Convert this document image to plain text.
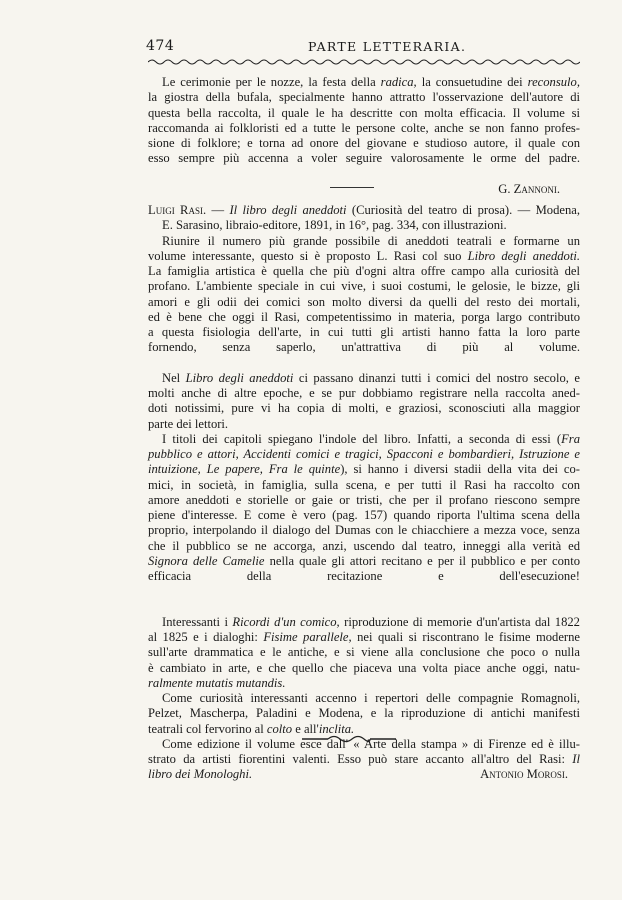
474	PARTE LETTERARIA.
Le cerimonie per le nozze, la festa della radica, la consuetudine dei reconsulo,
la giostra della bufala, specialmente hanno attratto l'osservazione dell'autore di
questa bella raccolta, il quale le ha descritte con molta efficacia. Il volume si
raccomanda ai folkloristi ed a tutte le persone colte, anche se non fanno profes-
sione di folklore; e torna ad onore del giovane e studioso autore, il quale con
esso sempre più accenna a voler seguire valorosamente le orme del padre.
G. Zannoni.
Luigi Rasi. — Il libro degli aneddoti (Curiosità del teatro di prosa). — Modena,
E. Sarasino, libraio-editore, 1891, in 16°, pag. 334, con illustrazioni.
Riunire il numero più grande possibile di aneddoti teatrali e formarne un
volume interessante, questo si è proposto L. Rasi col suo Libro degli aneddoti.
La famiglia artistica è quella che più d'ogni altra offre campo alla curiosità del
profano. L'ambiente speciale in cui vive, i suoi costumi, le gelosie, le bizze, gli
amori e gli odii dei comici son molto diversi da quelli del resto dei mortali,
ed è bene che oggi il Rasi, competentissimo in materia, porga largo contributo
a questa fisiologia dell'arte, in cui tutti gli artisti hanno fatta la loro parte
fornendo, senza saperlo, un'attrattiva di più al volume.
Nel Libro degli aneddoti ci passano dinanzi tutti i comici del nostro secolo, e
molti anche di altre epoche, e se pur dobbiamo registrare nella raccolta aned-
doti notissimi, pure vi ha copia di molti, e graziosi, sconosciuti alla maggior
parte dei lettori.
I titoli dei capitoli spiegano l'indole del libro. Infatti, a seconda di essi (Fra
pubblico e attori, Accidenti comici e tragici, Spacconi e bombardieri, Istruzione e
intuizione, Le papere, Fra le quinte), si hanno i diversi stadii della vita dei co-
mici, in società, in famiglia, sulla scena, e per tutti il Rasi ha raccolto con
amore aneddoti e storielle or gaie or tristi, che per il profano riescono sempre
piene d'interesse. E come è vero (pag. 157) quando riporta l'ultima scena della
proprio, interpolando il dialogo del Dumas con le chiacchiere a mezza voce, senza
che il pubblico se ne accorga, anzi, uscendo dal teatro, inneggi alla verità ed
Signora delle Camelie nella quale gli attori recitano e per il pubblico e per conto
efficacia della recitazione e dell'esecuzione!
Interessanti i Ricordi d'un comico, riproduzione di memorie d'un'artista dal 1822
al 1825 e i dialoghi: Fisime parallele, nei quali si riscontrano le fisime moderne
sull'arte drammatica e le antiche, e si viene alla conclusione che poco o nulla
è cambiato in arte, e che quello che piaceva una volta piace anche oggi, natu-
ralmente mutatis mutandis.
Come curiosità interessanti accenno i repertori delle compagnie Romagnoli,
Pelzet, Mascherpa, Paladini e Modena, e la riproduzione di antichi manifesti
teatrali col fervorino al colto e all'inclita.
Come edizione il volume esce dall' « Arte della stampa » di Firenze ed è illu-
strato da artisti fiorentini valenti. Esso può stare accanto all'altro del Rasi: Il
libro dei Monologhi.	Antonio Morosi.
